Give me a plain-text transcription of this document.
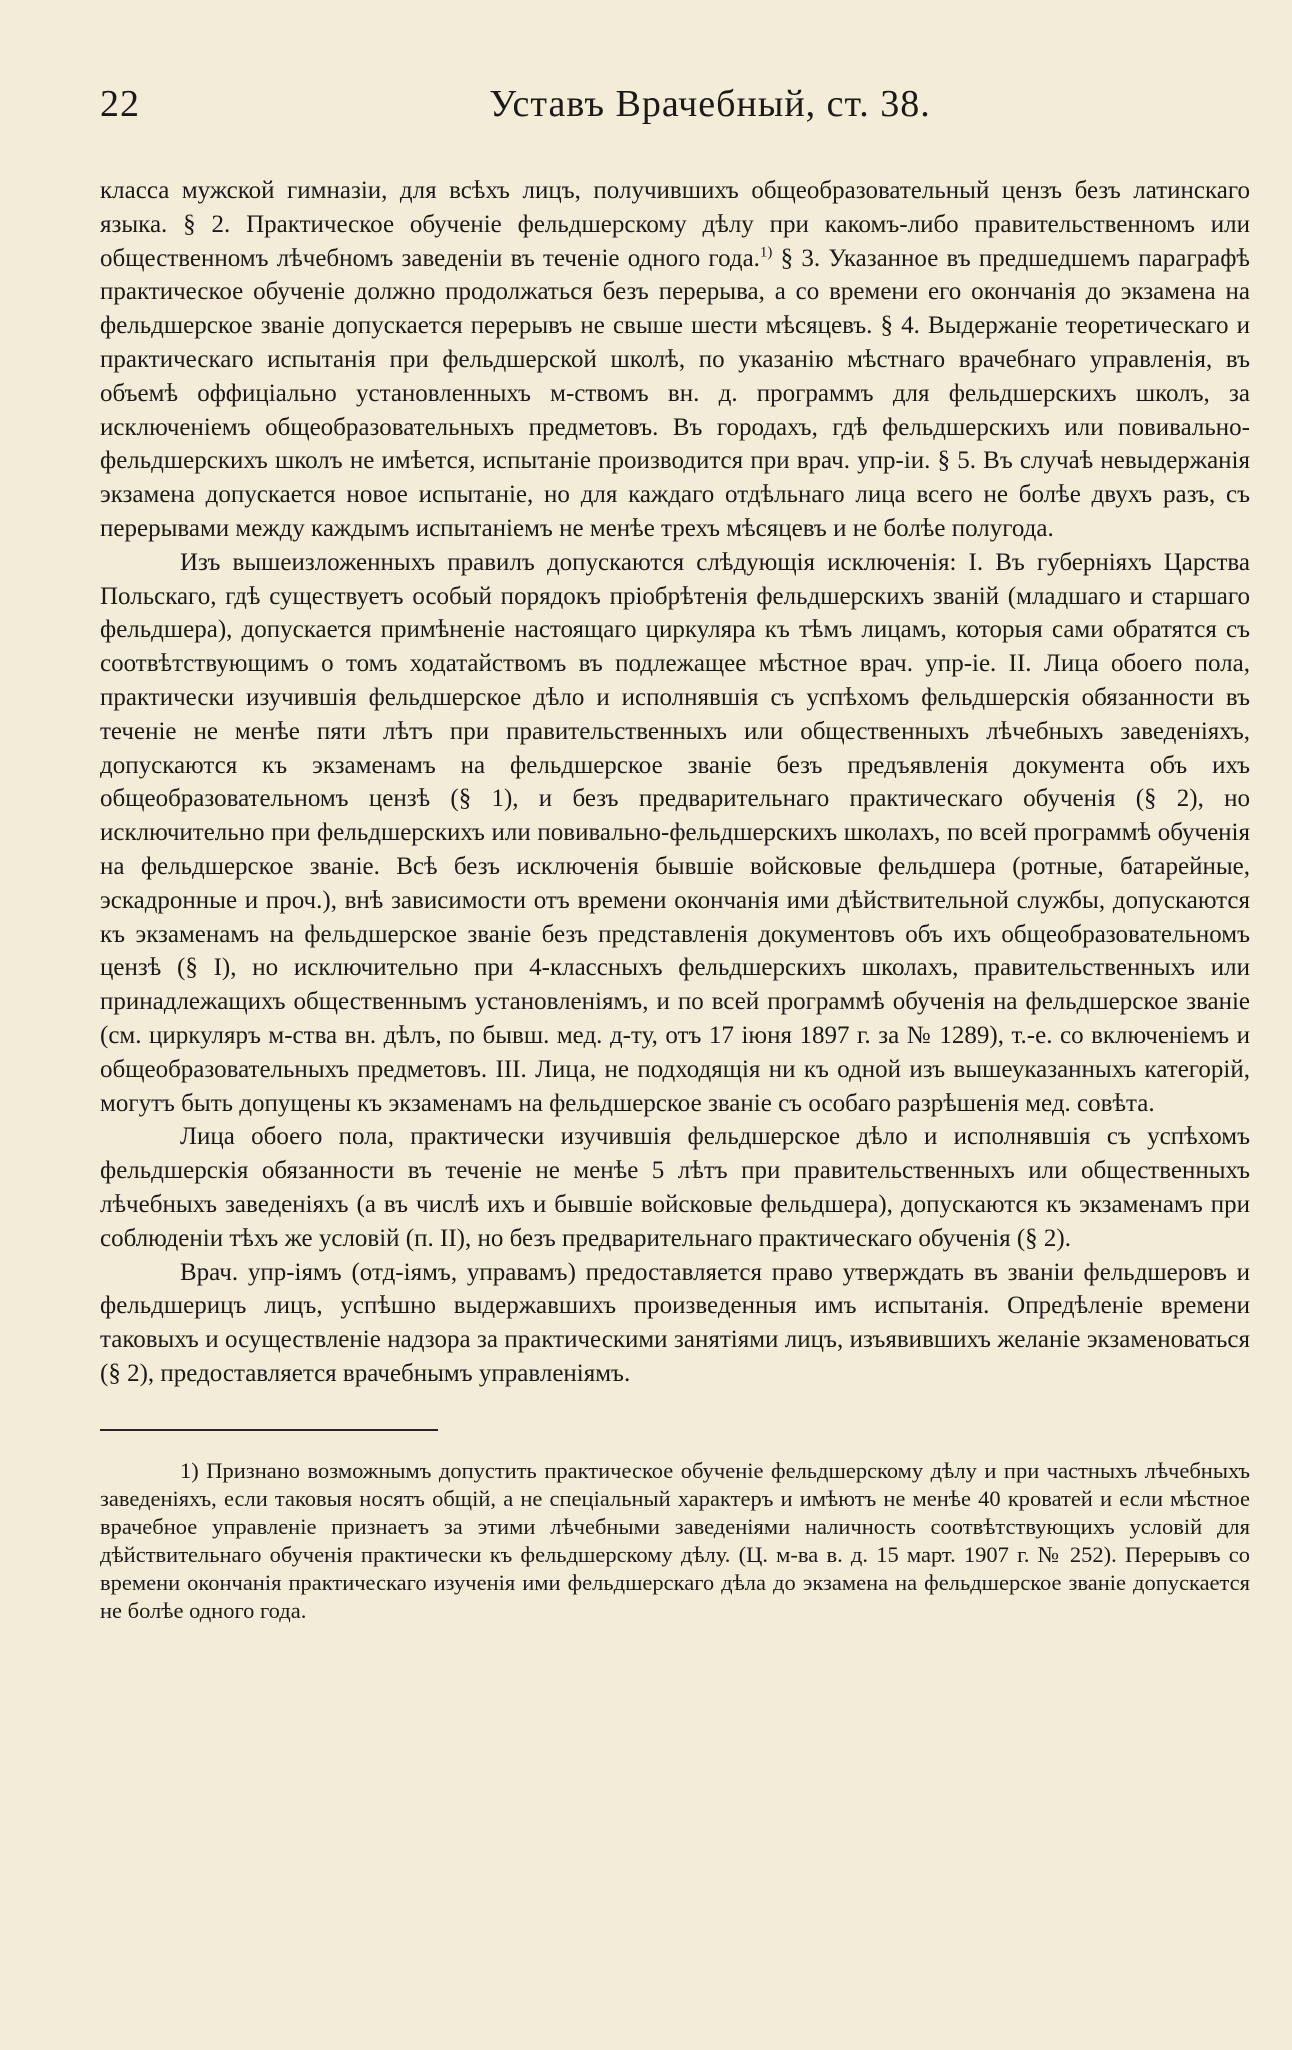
22	Уставъ Врачебный, ст. 38.

класса мужской гимназіи, для всѣхъ лицъ, получившихъ общеобразовательный цензъ безъ латинскаго языка. § 2. Практическое обученіе фельдшерскому дѣлу при какомъ-либо правительственномъ или общественномъ лѣчебномъ заведеніи въ теченіе одного года.$^{1)}$ § 3. Указанное въ предшедшемъ параграфѣ практическое обученіе должно продолжаться безъ перерыва, а со времени его окончанія до экзамена на фельдшерское званіе допускается перерывъ не свыше шести мѣсяцевъ. § 4. Выдержаніе теоретическаго и практическаго испытанія при фельдшерской школѣ, по указанію мѣстнаго врачебнаго управленія, въ объемѣ оффиціально установленныхъ м-ствомъ вн. д. программъ для фельдшерскихъ школъ, за исключеніемъ общеобразовательныхъ предметовъ. Въ городахъ, гдѣ фельдшерскихъ или повивально-фельдшерскихъ школъ не имѣется, испытаніе производится при врач. упр-іи. § 5. Въ случаѣ невыдержанія экзамена допускается новое испытаніе, но для каждаго отдѣльнаго лица всего не болѣе двухъ разъ, съ перерывами между каждымъ испытаніемъ не менѣе трехъ мѣсяцевъ и не болѣе полугода.

Изъ вышеизложенныхъ правилъ допускаются слѣдующія исключенія: I. Въ губерніяхъ Царства Польскаго, гдѣ существуетъ особый порядокъ пріобрѣтенія фельдшерскихъ званій (младшаго и старшаго фельдшера), допускается примѣненіе настоящаго циркуляра къ тѣмъ лицамъ, которыя сами обратятся съ соотвѣтствующимъ о томъ ходатайствомъ въ подлежащее мѣстное врач. упр-іе. II. Лица обоего пола, практически изучившія фельдшерское дѣло и исполнявшія съ успѣхомъ фельдшерскія обязанности въ теченіе не менѣе пяти лѣтъ при правительственныхъ или общественныхъ лѣчебныхъ заведеніяхъ, допускаются къ экзаменамъ на фельдшерское званіе безъ предъявленія документа объ ихъ общеобразовательномъ цензѣ (§ 1), и безъ предварительнаго практическаго обученія (§ 2), но исключительно при фельдшерскихъ или повивально-фельдшерскихъ школахъ, по всей программѣ обученія на фельдшерское званіе. Всѣ безъ исключенія бывшіе войсковые фельдшера (ротные, батарейные, эскадронные и проч.), внѣ зависимости отъ времени окончанія ими дѣйствительной службы, допускаются къ экзаменамъ на фельдшерское званіе безъ представленія документовъ объ ихъ общеобразовательномъ цензѣ (§ I), но исключительно при 4-классныхъ фельдшерскихъ школахъ, правительственныхъ или принадлежащихъ общественнымъ установленіямъ, и по всей программѣ обученія на фельдшерское званіе (см. циркуляръ м-ства вн. дѣлъ, по бывш. мед. д-ту, отъ 17 іюня 1897 г. за № 1289), т.-е. со включеніемъ и общеобразовательныхъ предметовъ. III. Лица, не подходящія ни къ одной изъ вышеуказанныхъ категорій, могутъ быть допущены къ экзаменамъ на фельдшерское званіе съ особаго разрѣшенія мед. совѣта.

Лица обоего пола, практически изучившія фельдшерское дѣло и исполнявшія съ успѣхомъ фельдшерскія обязанности въ теченіе не менѣе 5 лѣтъ при правительственныхъ или общественныхъ лѣчебныхъ заведеніяхъ (а въ числѣ ихъ и бывшіе войсковые фельдшера), допускаются къ экзаменамъ при соблюденіи тѣхъ же условій (п. II), но безъ предварительнаго практическаго обученія (§ 2).

Врач. упр-іямъ (отд-іямъ, управамъ) предоставляется право утверждать въ званіи фельдшеровъ и фельдшерицъ лицъ, успѣшно выдержавшихъ произведенныя имъ испытанія. Опредѣленіе времени таковыхъ и осуществленіе надзора за практическими занятіями лицъ, изъявившихъ желаніе экзаменоваться (§ 2), предоставляется врачебнымъ управленіямъ.

1) Признано возможнымъ допустить практическое обученіе фельдшерскому дѣлу и при частныхъ лѣчебныхъ заведеніяхъ, если таковыя носятъ общій, а не спеціальный характеръ и имѣютъ не менѣе 40 кроватей и если мѣстное врачебное управленіе признаетъ за этими лѣчебными заведеніями наличность соотвѣтствующихъ условій для дѣйствительнаго обученія практически къ фельдшерскому дѣлу. (Ц. м-ва в. д. 15 март. 1907 г. № 252). Перерывъ со времени окончанія практическаго изученія ими фельдшерскаго дѣла до экзамена на фельдшерское званіе допускается не болѣе одного года.
